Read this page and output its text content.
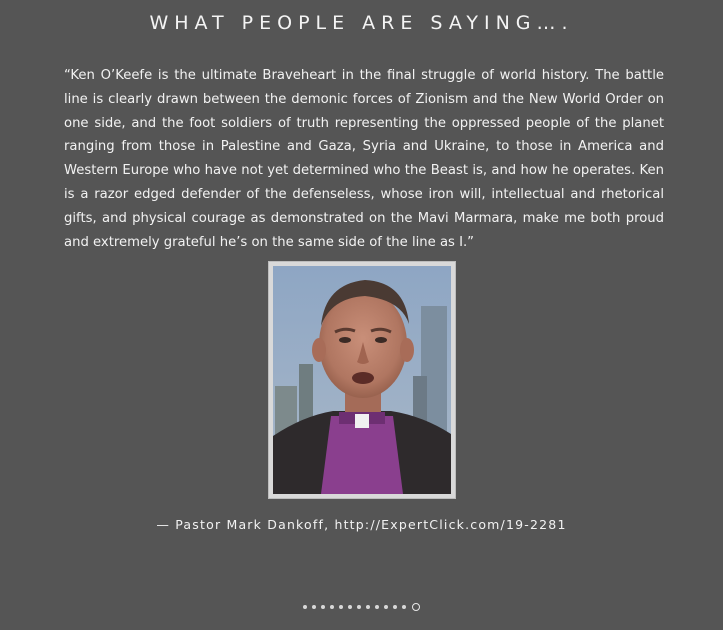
WHAT PEOPLE ARE SAYING….

“Ken O’Keefe is the ultimate Braveheart in the final struggle of world history. The battle line is clearly drawn between the demonic forces of Zionism and the New World Order on one side, and the foot soldiers of truth representing the oppressed people of the planet ranging from those in Palestine and Gaza, Syria and Ukraine, to those in America and Western Europe who have not yet determined who the Beast is, and how he operates. Ken is a razor edged defender of the defenseless, whose iron will, intellectual and rhetorical gifts, and physical courage as demonstrated on the Mavi Marmara, make me both proud and extremely grateful he’s on the same side of the line as I.”

— Pastor Mark Dankoff, http://ExpertClick.com/19-2281
